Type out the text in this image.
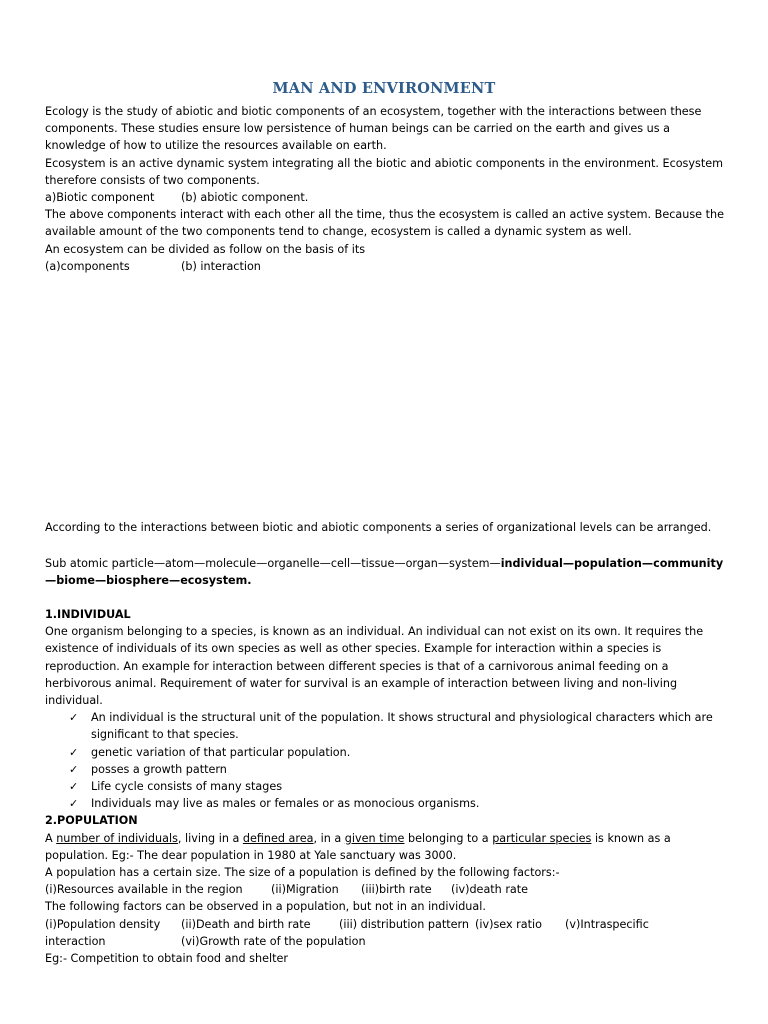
MAN AND ENVIRONMENT

Ecology is the study of abiotic and biotic components of an ecosystem, together with the interactions between these components. These studies ensure low persistence of human beings can be carried on the earth and gives us a knowledge of how to utilize the resources available on earth.

Ecosystem is an active dynamic system integrating all the biotic and abiotic components in the environment. Ecosystem therefore consists of two components.

a)Biotic component (b) abiotic component.

The above components interact with each other all the time, thus the ecosystem is called an active system. Because the available amount of the two components tend to change, ecosystem is called a dynamic system as well.

An ecosystem can be divided as follow on the basis of its

(a)components	(b) interaction

According to the interactions between biotic and abiotic components a series of organizational levels can be arranged.

Sub atomic particle—atom—molecule—organelle—cell—tissue—organ—system—individual—population—community—biome—biosphere—ecosystem.

1.INDIVIDUAL

One organism belonging to a species, is known as an individual. An individual can not exist on its own. It requires the existence of individuals of its own species as well as other species. Example for interaction within a species is reproduction. An example for interaction between different species is that of a carnivorous animal feeding on a herbivorous animal. Requirement of water for survival is an example of interaction between living and non-living individual.

✓ An individual is the structural unit of the population. It shows structural and physiological characters which are significant to that species.
✓ genetic variation of that particular population.
✓ posses a growth pattern
✓ Life cycle consists of many stages
✓ Individuals may live as males or females or as monocious organisms.

2.POPULATION

A number of individuals, living in a defined area, in a given time belonging to a particular species is known as a population. Eg:- The dear population in 1980 at Yale sanctuary was 3000.

A population has a certain size. The size of a population is defined by the following factors:-

(i)Resources available in the region	(ii)Migration (iii)birth rate (iv)death rate

The following factors can be observed in a population, but not in an individual.

(i)Population density (ii)Death and birth rate	(iii) distribution pattern (iv)sex ratio (v)Intraspecific

interaction	(vi)Growth rate of the population

Eg:- Competition to obtain food and shelter
